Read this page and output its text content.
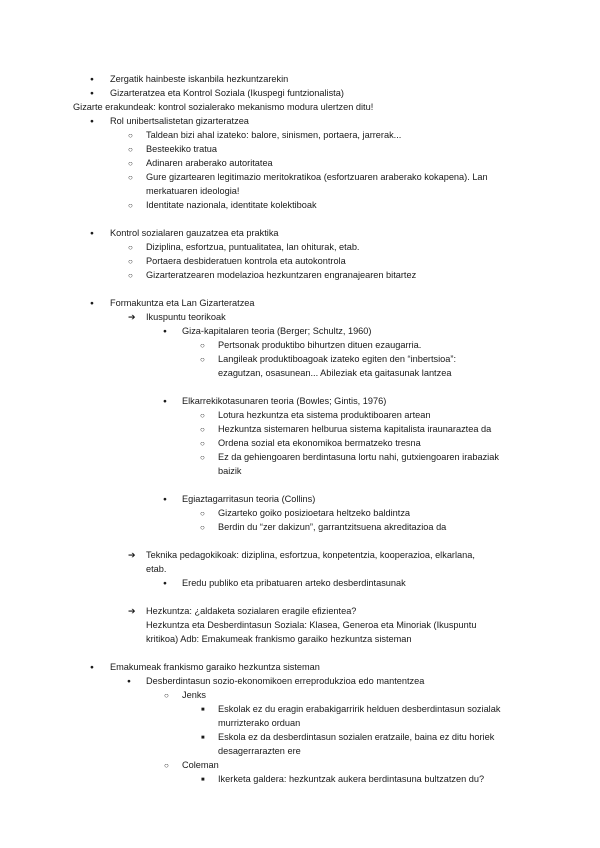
●
Zergatik hainbeste iskanbila hezkuntzarekin
●
Gizarteratzea eta Kontrol Soziala (Ikuspegi funtzionalista)
Gizarte erakundeak: kontrol sozialerako mekanismo modura ulertzen ditu!
●
Rol unibertsalistetan gizarteratzea
○
Taldean bizi ahal izateko: balore, sinismen, portaera, jarrerak...
○
Besteekiko tratua
○
Adinaren araberako autoritatea
○
Gure gizartearen legitimazio meritokratikoa (esfortzuaren araberako kokapena). Lan
merkatuaren ideologia!
○
Identitate nazionala, identitate kolektiboak
●
Kontrol sozialaren gauzatzea eta praktika
○
Diziplina, esfortzua, puntualitatea, lan ohiturak, etab.
○
Portaera desbideratuen kontrola eta autokontrola
○
Gizarteratzearen modelazioa hezkuntzaren engranajearen bitartez
●
Formakuntza eta Lan Gizarteratzea
➔
Ikuspuntu teorikoak
●
Giza-kapitalaren teoria (Berger; Schultz, 1960)
○
Pertsonak produktibo bihurtzen dituen ezaugarria.
○
Langileak produktiboagoak izateko egiten den “inbertsioa”:
ezagutzan, osasunean... Abileziak eta gaitasunak lantzea
●
Elkarrekikotasunaren teoria (Bowles; Gintis, 1976)
○
Lotura hezkuntza eta sistema produktiboaren artean
○
Hezkuntza sistemaren helburua sistema kapitalista iraunaraztea da
○
Ordena sozial eta ekonomikoa bermatzeko tresna
○
Ez da gehiengoaren berdintasuna lortu nahi, gutxiengoaren irabaziak
baizik
●
Egiaztagarritasun teoria (Collins)
○
Gizarteko goiko posizioetara heltzeko baldintza
○
Berdin du “zer dakizun”, garrantzitsuena akreditazioa da
➔
Teknika pedagokikoak: diziplina, esfortzua, konpetentzia, kooperazioa, elkarlana,
etab.
●
Eredu publiko eta pribatuaren arteko desberdintasunak
➔
Hezkuntza: ¿aldaketa sozialaren eragile efizientea?
Hezkuntza eta Desberdintasun Soziala: Klasea, Generoa eta Minoriak (Ikuspuntu
kritikoa) Adb: Emakumeak frankismo garaiko hezkuntza sisteman
●
Emakumeak frankismo garaiko hezkuntza sisteman
●
Desberdintasun sozio-ekonomikoen erreprodukzioa edo mantentzea
○
Jenks
■
Eskolak ez du eragin erabakigarririk helduen desberdintasun sozialak
murrizterako orduan
■
Eskola ez da desberdintasun sozialen eratzaile, baina ez ditu horiek
desagerrarazten ere
○
Coleman
■
Ikerketa galdera: hezkuntzak aukera berdintasuna bultzatzen du?
